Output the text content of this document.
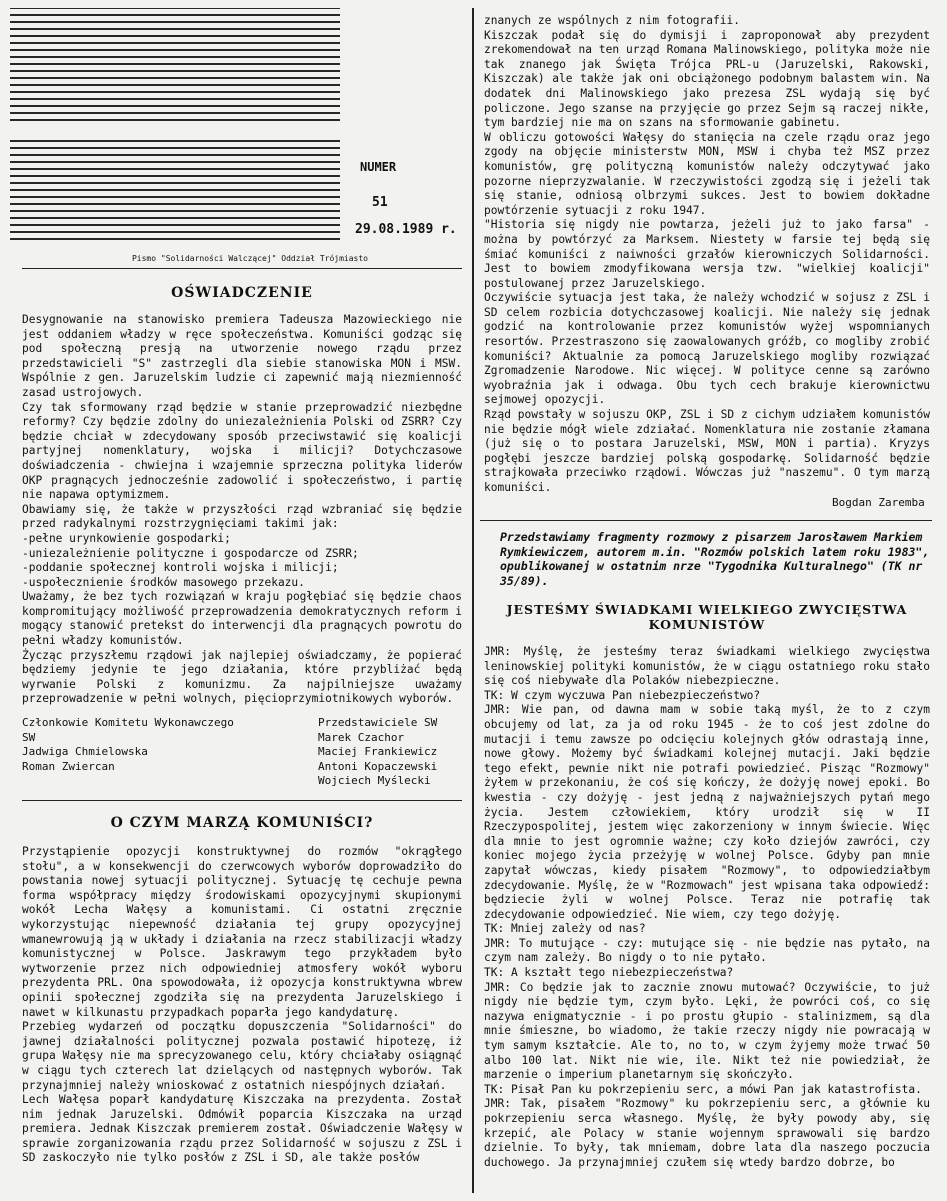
NUMER
51
29.08.1989 r.
Pismo "Solidarności Walczącej" Oddział Trójmiasto
OŚWIADCZENIE
Desygnowanie na stanowisko premiera Tadeusza Mazowieckiego nie jest oddaniem władzy w ręce społeczeństwa. Komuniści godząc się pod społeczną presją na utworzenie nowego rządu przez przedstawicieli "S" zastrzegli dla siebie stanowiska MON i MSW. Wspólnie z gen. Jaruzelskim ludzie ci zapewnić mają niezmienność zasad ustrojowych.
Czy tak sformowany rząd będzie w stanie przeprowadzić niezbędne reformy? Czy będzie zdolny do uniezależnienia Polski od ZSRR? Czy będzie chciał w zdecydowany sposób przeciwstawić się koalicji partyjnej nomenklatury, wojska i milicji? Dotychczasowe doświadczenia - chwiejna i wzajemnie sprzeczna polityka liderów OKP pragnących jednocześnie zadowolić i społeczeństwo, i partię nie napawa optymizmem.
Obawiamy się, że także w przyszłości rząd wzbraniać się będzie przed radykalnymi rozstrzygnięciami takimi jak:
-pełne urynkowienie gospodarki;
-uniezależnienie polityczne i gospodarcze od ZSRR;
-poddanie społecznej kontroli wojska i milicji;
-uspołecznienie środków masowego przekazu.
Uważamy, że bez tych rozwiązań w kraju pogłębiać się będzie chaos kompromitujący możliwość przeprowadzenia demokratycznych reform i mogący stanowić pretekst do interwencji dla pragnących powrotu do pełni władzy komunistów.
Życząc przyszłemu rządowi jak najlepiej oświadczamy, że popierać będziemy jedynie te jego działania, które przybliżać będą wyrwanie Polski z komunizmu. Za najpilniejsze uważamy przeprowadzenie w pełni wolnych, pięcioprzymiotnikowych wyborów.
Członkowie Komitetu Wykonawczego SW
Jadwiga Chmielowska
Roman Zwiercan
Przedstawiciele SW
Marek Czachor
Maciej Frankiewicz
Antoni Kopaczewski
Wojciech Myślecki
O CZYM MARZĄ KOMUNIŚCI?
Przystąpienie opozycji konstruktywnej do rozmów "okrągłego stołu", a w konsekwencji do czerwcowych wyborów doprowadziło do powstania nowej sytuacji politycznej. Sytuację tę cechuje pewna forma współpracy między środowiskami opozycyjnymi skupionymi wokół Lecha Wałęsy a komunistami. Ci ostatni zręcznie wykorzystując niepewność działania tej grupy opozycyjnej wmanewrowują ją w układy i działania na rzecz stabilizacji władzy komunistycznej w Polsce. Jaskrawym tego przykładem było wytworzenie przez nich odpowiedniej atmosfery wokół wyboru prezydenta PRL. Ona spowodowała, iż opozycja konstruktywna wbrew opinii społecznej zgodziła się na prezydenta Jaruzelskiego i nawet w kilkunastu przypadkach poparła jego kandydaturę.
Przebieg wydarzeń od początku dopuszczenia "Solidarności" do jawnej działalności politycznej pozwala postawić hipotezę, iż grupa Wałęsy nie ma sprecyzowanego celu, który chciałaby osiągnąć w ciągu tych czterech lat dzielących od następnych wyborów. Tak przynajmniej należy wnioskować z ostatnich niespójnych działań.
Lech Wałęsa poparł kandydaturę Kiszczaka na prezydenta. Został nim jednak Jaruzelski. Odmówił poparcia Kiszczaka na urząd premiera. Jednak Kiszczak premierem został. Oświadczenie Wałęsy w sprawie zorganizowania rządu przez Solidarność w sojuszu z ZSL i SD zaskoczyło nie tylko posłów z ZSL i SD, ale także posłów
znanych ze wspólnych z nim fotografii.
Kiszczak podał się do dymisji i zaproponował aby prezydent zrekomendował na ten urząd Romana Malinowskiego, polityka może nie tak znanego jak Święta Trójca PRL-u (Jaruzelski, Rakowski, Kiszczak) ale także jak oni obciążonego podobnym balastem win. Na dodatek dni Malinowskiego jako prezesa ZSL wydają się być policzone. Jego szanse na przyjęcie go przez Sejm są raczej nikłe, tym bardziej nie ma on szans na sformowanie gabinetu.
W obliczu gotowości Wałęsy do stanięcia na czele rządu oraz jego zgody na objęcie ministerstw MON, MSW i chyba też MSZ przez komunistów, grę polityczną komunistów należy odczytywać jako pozorne nieprzyzwalanie. W rzeczywistości zgodzą się i jeżeli tak się stanie, odniosą olbrzymi sukces. Jest to bowiem dokładne powtórzenie sytuacji z roku 1947.
"Historia się nigdy nie powtarza, jeżeli już to jako farsa" - można by powtórzyć za Marksem. Niestety w farsie tej będą się śmiać komuniści z naiwności grzałów kierowniczych Solidarności. Jest to bowiem zmodyfikowana wersja tzw. "wielkiej koalicji" postulowanej przez Jaruzelskiego.
Oczywiście sytuacja jest taka, że należy wchodzić w sojusz z ZSL i SD celem rozbicia dotychczasowej koalicji. Nie należy się jednak godzić na kontrolowanie przez komunistów wyżej wspomnianych resortów. Przestraszono się zaowalowanych gróźb, co mogliby zrobić komuniści? Aktualnie za pomocą Jaruzelskiego mogliby rozwiązać Zgromadzenie Narodowe. Nic więcej. W polityce cenne są zarówno wyobraźnia jak i odwaga. Obu tych cech brakuje kierownictwu sejmowej opozycji.
Rząd powstały w sojuszu OKP, ZSL i SD z cichym udziałem komunistów nie będzie mógł wiele zdziałać. Nomenklatura nie zostanie złamana (już się o to postara Jaruzelski, MSW, MON i partia). Kryzys pogłębi jeszcze bardziej polską gospodarkę. Solidarność będzie strajkowała przeciwko rządowi. Wówczas już "naszemu". O tym marzą komuniści.
Bogdan Zaremba
Przedstawiamy fragmenty rozmowy z pisarzem Jarosławem Markiem Rymkiewiczem, autorem m.in. "Rozmów polskich latem roku 1983", opublikowanej w ostatnim nrze "Tygodnika Kulturalnego" (TK nr 35/89).
JESTEŚMY ŚWIADKAMI WIELKIEGO ZWYCIĘSTWA KOMUNISTÓW
JMR: Myślę, że jesteśmy teraz świadkami wielkiego zwycięstwa leninowskiej polityki komunistów, że w ciągu ostatniego roku stało się coś niebywałe dla Polaków niebezpieczne.
TK: W czym wyczuwa Pan niebezpieczeństwo?
JMR: Wie pan, od dawna mam w sobie taką myśl, że to z czym obcujemy od lat, za ja od roku 1945 - że to coś jest zdolne do mutacji i temu zawsze po odcięciu kolejnych głów odrastają inne, nowe głowy. Możemy być świadkami kolejnej mutacji. Jaki będzie tego efekt, pewnie nikt nie potrafi powiedzieć. Pisząc "Rozmowy" żyłem w przekonaniu, że coś się kończy, że dożyję nowej epoki. Bo kwestia - czy dożyję - jest jedną z najważniejszych pytań mego życia. Jestem człowiekiem, który urodził się w II Rzeczypospolitej, jestem więc zakorzeniony w innym świecie. Więc dla mnie to jest ogromnie ważne; czy koło dziejów zawróci, czy koniec mojego życia przeżyję w wolnej Polsce. Gdyby pan mnie zapytał wówczas, kiedy pisałem "Rozmowy", to odpowiedziałbym zdecydowanie. Myślę, że w "Rozmowach" jest wpisana taka odpowiedź: będziecie żyli w wolnej Polsce. Teraz nie potrafię tak zdecydowanie odpowiedzieć. Nie wiem, czy tego dożyję.
TK: Mniej zależy od nas?
JMR: To mutujące - czy: mutujące się - nie będzie nas pytało, na czym nam zależy. Bo nigdy o to nie pytało.
TK: A kształt tego niebezpieczeństwa?
JMR: Co będzie jak to zacznie znowu mutować? Oczywiście, to już nigdy nie będzie tym, czym było. Lęki, że powróci coś, co się nazywa enigmatycznie - i po prostu głupio - stalinizmem, są dla mnie śmieszne, bo wiadomo, że takie rzeczy nigdy nie powracają w tym samym kształcie. Ale to, no to, w czym żyjemy może trwać 50 albo 100 lat. Nikt nie wie, ile. Nikt też nie powiedział, że marzenie o imperium planetarnym się skończyło.
TK: Pisał Pan ku pokrzepieniu serc, a mówi Pan jak katastrofista.
JMR: Tak, pisałem "Rozmowy" ku pokrzepieniu serc, a głównie ku pokrzepieniu serca własnego. Myślę, że były powody aby, się krzepić, ale Polacy w stanie wojennym sprawowali się bardzo dzielnie. To były, tak mniemam, dobre lata dla naszego poczucia duchowego. Ja przynajmniej czułem się wtedy bardzo dobrze, bo
